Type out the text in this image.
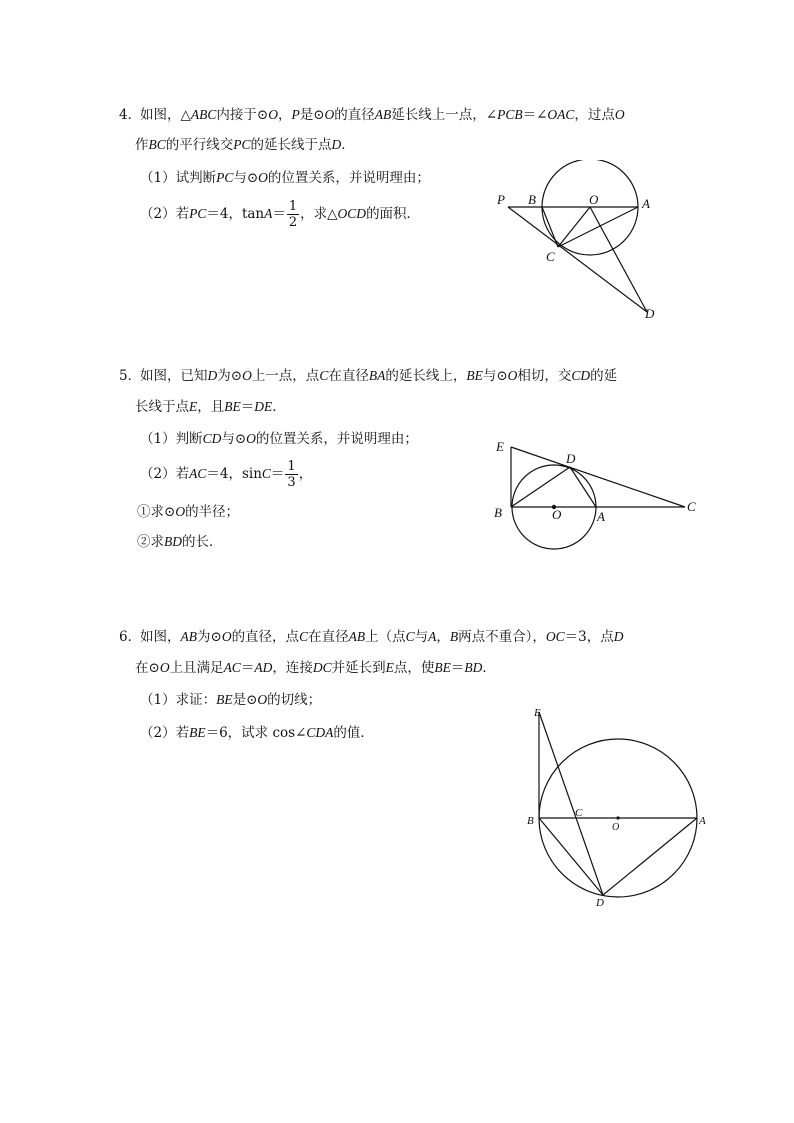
4．
如图，△ABC内接于⊙O，P是⊙O的直径AB延长线上一点，∠PCB＝∠OAC，过点O
作BC的平行线交PC的延长线于点D．
（1）试判断PC与⊙O的位置关系，并说明理由；
（2）若PC＝4，$\tan A= \frac{1}{2}$ ，求△OCD的面积．
P B	O	A
C
D
5．
如图，已知D为⊙O上一点，点C在直径BA的延长线上，BE与⊙O相切，交CD的延
长线于点E，且BE＝DE．
（1）判断CD与⊙O的位置关系，并说明理由；
（2）若AC＝4，$\sin C= \frac{1}{3}$ ，
①求⊙O的半径；
②求BD的长．
E
D
B	O	A
C
6．
如图，AB为⊙O的直径，点C在直径AB上（点C与A，B两点不重合），OC＝3，点D
在⊙O上且满足AC＝AD，连接DC并延长到E点，使BE＝BD．
（1）求证：BE是⊙O的切线；
（2）若BE＝6，试求 cos∠CDA的值．
E
B
C
O
A
D
